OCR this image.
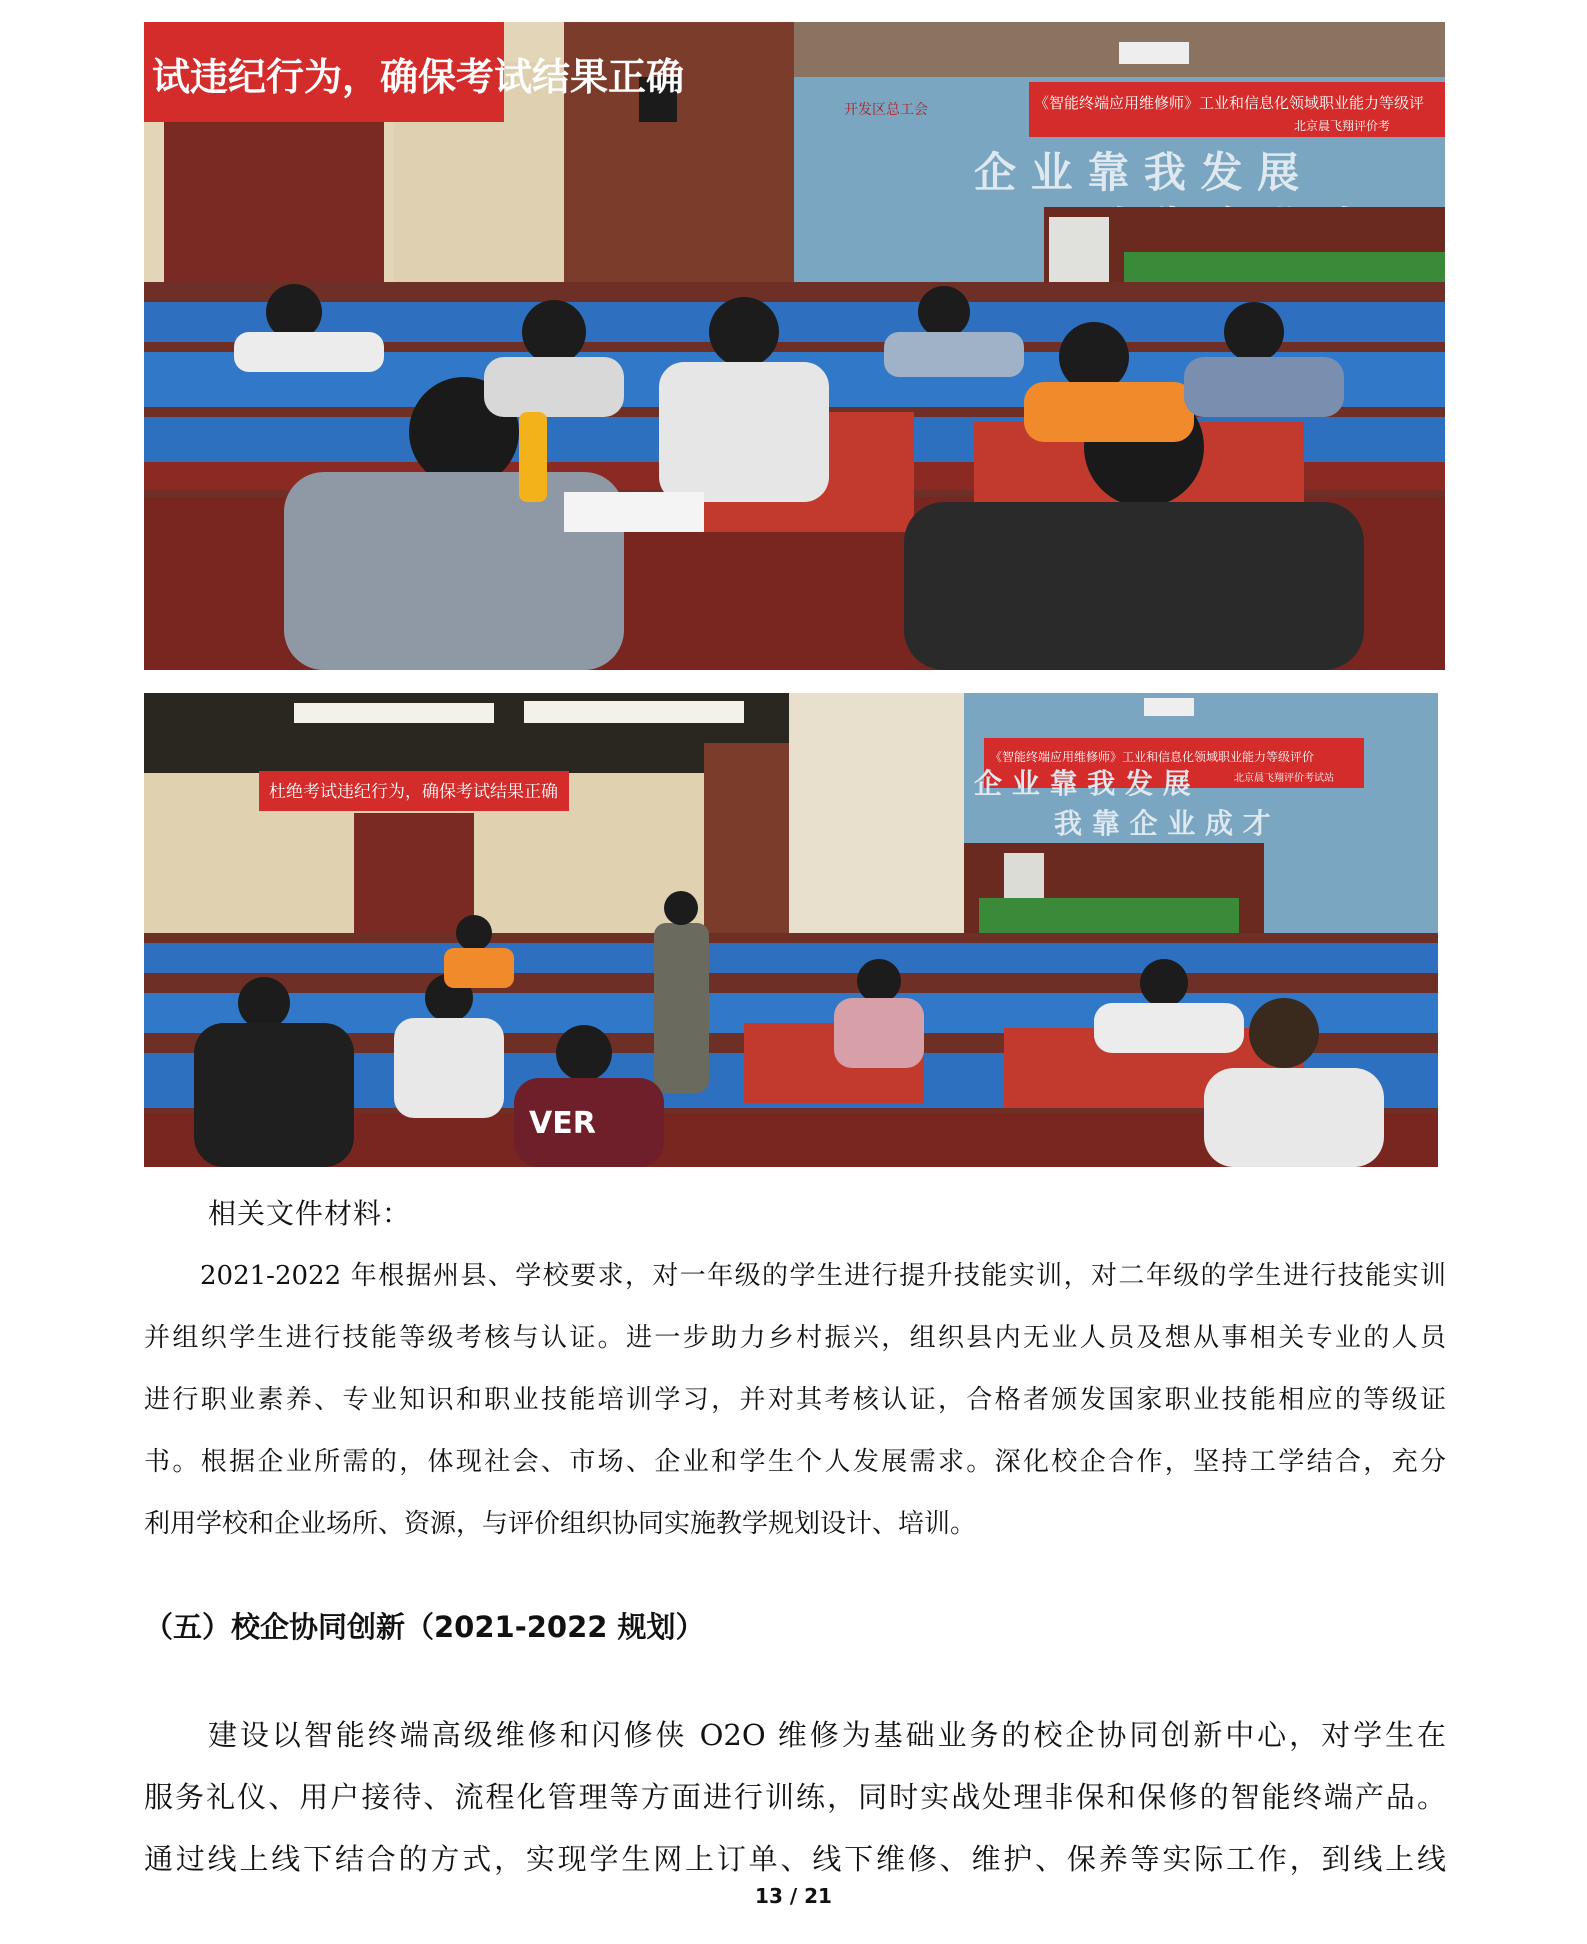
试违纪行为，确保考试结果正确
《智能终端应用维修师》工业和信息化领域职业能力等级评
北京晨飞翔评价考
开发区总工会
企 业 靠 我 发 展
杜绝考试违纪行为，确保考试结果正确
《智能终端应用维修师》工业和信息化领域职业能力等级评价
北京晨飞翔评价考试站
企 业 靠 我 发 展
我 靠 企 业 成 才
VER
相关文件材料：
2021-2022 年根据州县、学校要求，对一年级的学生进行提升技能实训，对二年级的学生进行技能实训
并组织学生进行技能等级考核与认证。进一步助力乡村振兴，组织县内无业人员及想从事相关专业的人员
进行职业素养、专业知识和职业技能培训学习，并对其考核认证，合格者颁发国家职业技能相应的等级证
书。根据企业所需的，体现社会、市场、企业和学生个人发展需求。深化校企合作，坚持工学结合，充分
利用学校和企业场所、资源，与评价组织协同实施教学规划设计、培训。
（五）校企协同创新（2021-2022 规划）
建设以智能终端高级维修和闪修侠 O2O 维修为基础业务的校企协同创新中心，对学生在
服务礼仪、用户接待、流程化管理等方面进行训练，同时实战处理非保和保修的智能终端产品。
通过线上线下结合的方式，实现学生网上订单、线下维修、维护、保养等实际工作，到线上线
13 / 21
